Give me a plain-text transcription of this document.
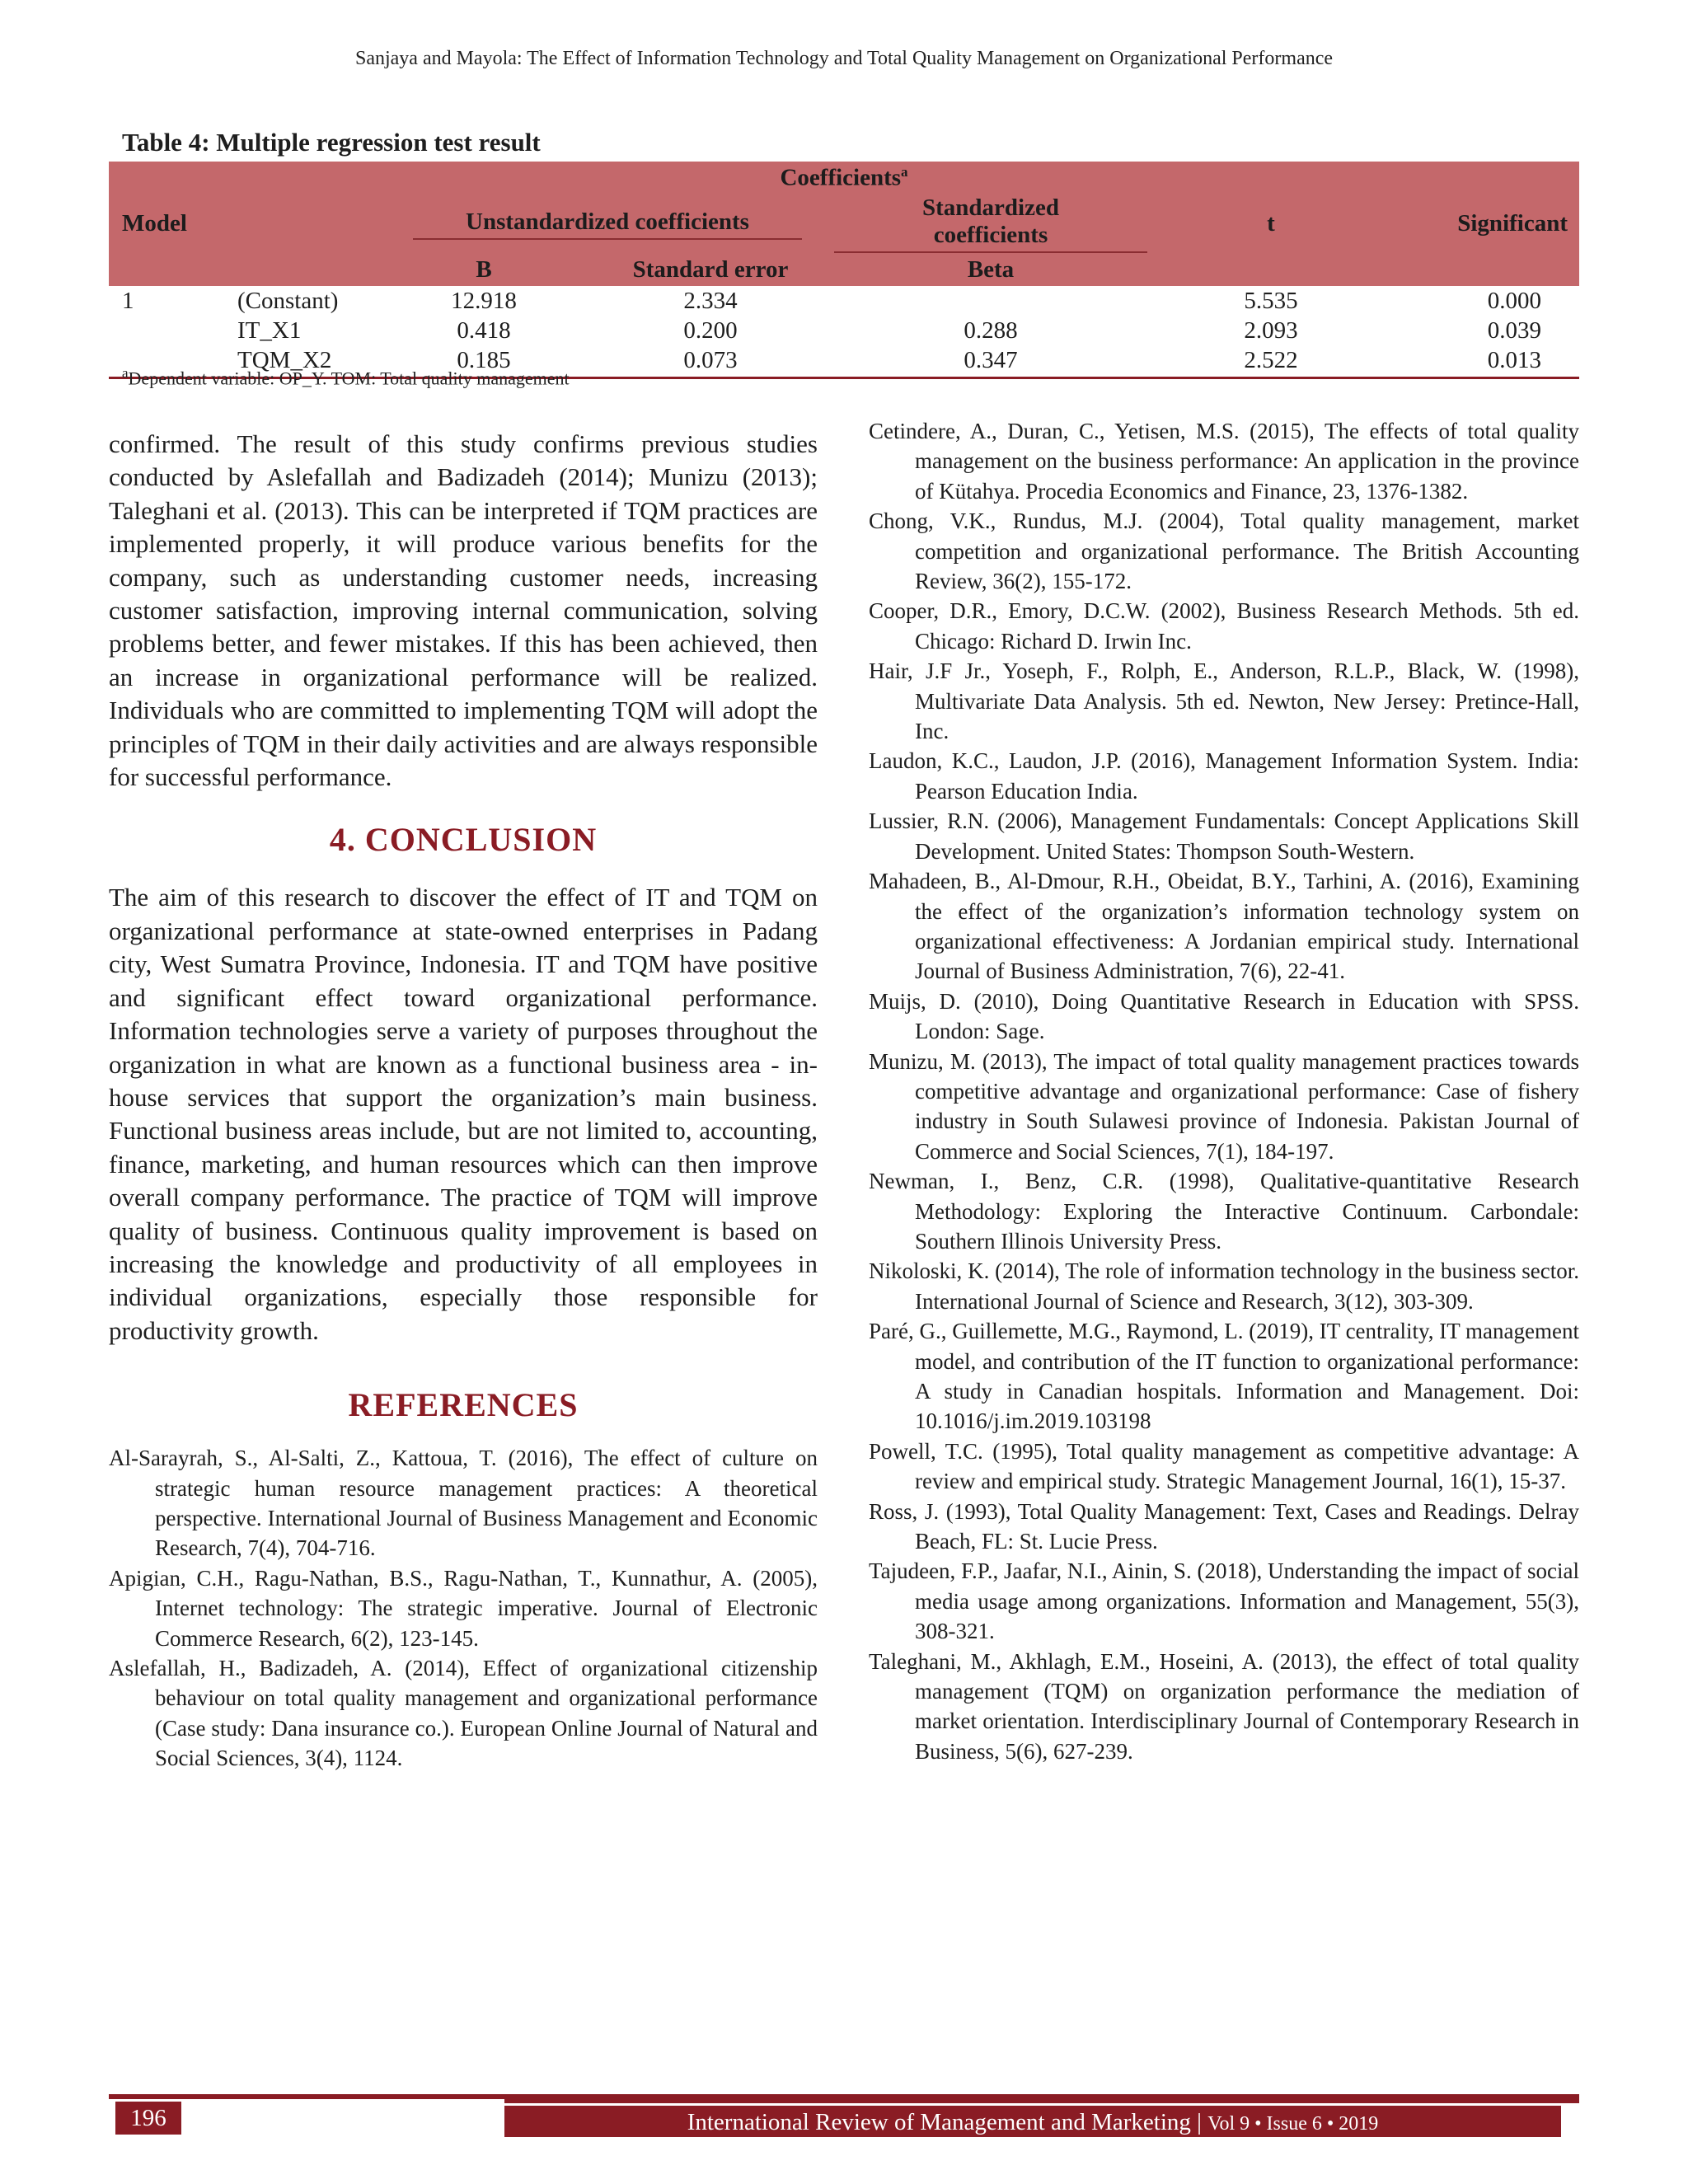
Sanjaya and Mayola: The Effect of Information Technology and Total Quality Management on Organizational Performance
Table 4: Multiple regression test result
Coefficients$^a$
Model		Unstandardized coefficients		Standardized coefficients	t	Significant
		B	Standard error	Beta		
1	(Constant)	12.918	2.334		5.535	0.000
	IT_X1	0.418	0.200	0.288	2.093	0.039
	TQM_X2	0.185	0.073	0.347	2.522	0.013
$^a$Dependent variable: OP_Y. TOM: Total quality management

confirmed. The result of this study confirms previous studies conducted by Aslefallah and Badizadeh (2014); Munizu (2013); Taleghani et al. (2013). This can be interpreted if TQM practices are implemented properly, it will produce various benefits for the company, such as understanding customer needs, increasing customer satisfaction, improving internal communication, solving problems better, and fewer mistakes. If this has been achieved, then an increase in organizational performance will be realized. Individuals who are committed to implementing TQM will adopt the principles of TQM in their daily activities and are always responsible for successful performance.

4. CONCLUSION

The aim of this research to discover the effect of IT and TQM on organizational performance at state-owned enterprises in Padang city, West Sumatra Province, Indonesia. IT and TQM have positive and significant effect toward organizational performance. Information technologies serve a variety of purposes throughout the organization in what are known as a functional business area - in-house services that support the organization’s main business. Functional business areas include, but are not limited to, accounting, finance, marketing, and human resources which can then improve overall company performance. The practice of TQM will improve quality of business. Continuous quality improvement is based on increasing the knowledge and productivity of all employees in individual organizations, especially those responsible for productivity growth.

REFERENCES

Al-Sarayrah, S., Al-Salti, Z., Kattoua, T. (2016), The effect of culture on strategic human resource management practices: A theoretical perspective. International Journal of Business Management and Economic Research, 7(4), 704-716.

Apigian, C.H., Ragu-Nathan, B.S., Ragu-Nathan, T., Kunnathur, A. (2005), Internet technology: The strategic imperative. Journal of Electronic Commerce Research, 6(2), 123-145.

Aslefallah, H., Badizadeh, A. (2014), Effect of organizational citizenship behaviour on total quality management and organizational performance (Case study: Dana insurance co.). European Online Journal of Natural and Social Sciences, 3(4), 1124.

Cetindere, A., Duran, C., Yetisen, M.S. (2015), The effects of total quality management on the business performance: An application in the province of Kütahya. Procedia Economics and Finance, 23, 1376-1382.

Chong, V.K., Rundus, M.J. (2004), Total quality management, market competition and organizational performance. The British Accounting Review, 36(2), 155-172.

Cooper, D.R., Emory, D.C.W. (2002), Business Research Methods. 5th ed. Chicago: Richard D. Irwin Inc.

Hair, J.F Jr., Yoseph, F., Rolph, E., Anderson, R.L.P., Black, W. (1998), Multivariate Data Analysis. 5th ed. Newton, New Jersey: Pretince-Hall, Inc.

Laudon, K.C., Laudon, J.P. (2016), Management Information System. India: Pearson Education India.

Lussier, R.N. (2006), Management Fundamentals: Concept Applications Skill Development. United States: Thompson South-Western.

Mahadeen, B., Al-Dmour, R.H., Obeidat, B.Y., Tarhini, A. (2016), Examining the effect of the organization’s information technology system on organizational effectiveness: A Jordanian empirical study. International Journal of Business Administration, 7(6), 22-41.

Muijs, D. (2010), Doing Quantitative Research in Education with SPSS. London: Sage.

Munizu, M. (2013), The impact of total quality management practices towards competitive advantage and organizational performance: Case of fishery industry in South Sulawesi province of Indonesia. Pakistan Journal of Commerce and Social Sciences, 7(1), 184-197.

Newman, I., Benz, C.R. (1998), Qualitative-quantitative Research Methodology: Exploring the Interactive Continuum. Carbondale: Southern Illinois University Press.

Nikoloski, K. (2014), The role of information technology in the business sector. International Journal of Science and Research, 3(12), 303-309.

Paré, G., Guillemette, M.G., Raymond, L. (2019), IT centrality, IT management model, and contribution of the IT function to organizational performance: A study in Canadian hospitals. Information and Management. Doi: 10.1016/j.im.2019.103198

Powell, T.C. (1995), Total quality management as competitive advantage: A review and empirical study. Strategic Management Journal, 16(1), 15-37.

Ross, J. (1993), Total Quality Management: Text, Cases and Readings. Delray Beach, FL: St. Lucie Press.

Tajudeen, F.P., Jaafar, N.I., Ainin, S. (2018), Understanding the impact of social media usage among organizations. Information and Management, 55(3), 308-321.

Taleghani, M., Akhlagh, E.M., Hoseini, A. (2013), the effect of total quality management (TQM) on organization performance the mediation of market orientation. Interdisciplinary Journal of Contemporary Research in Business, 5(6), 627-239.

196	International Review of Management and Marketing | Vol 9 • Issue 6 • 2019
